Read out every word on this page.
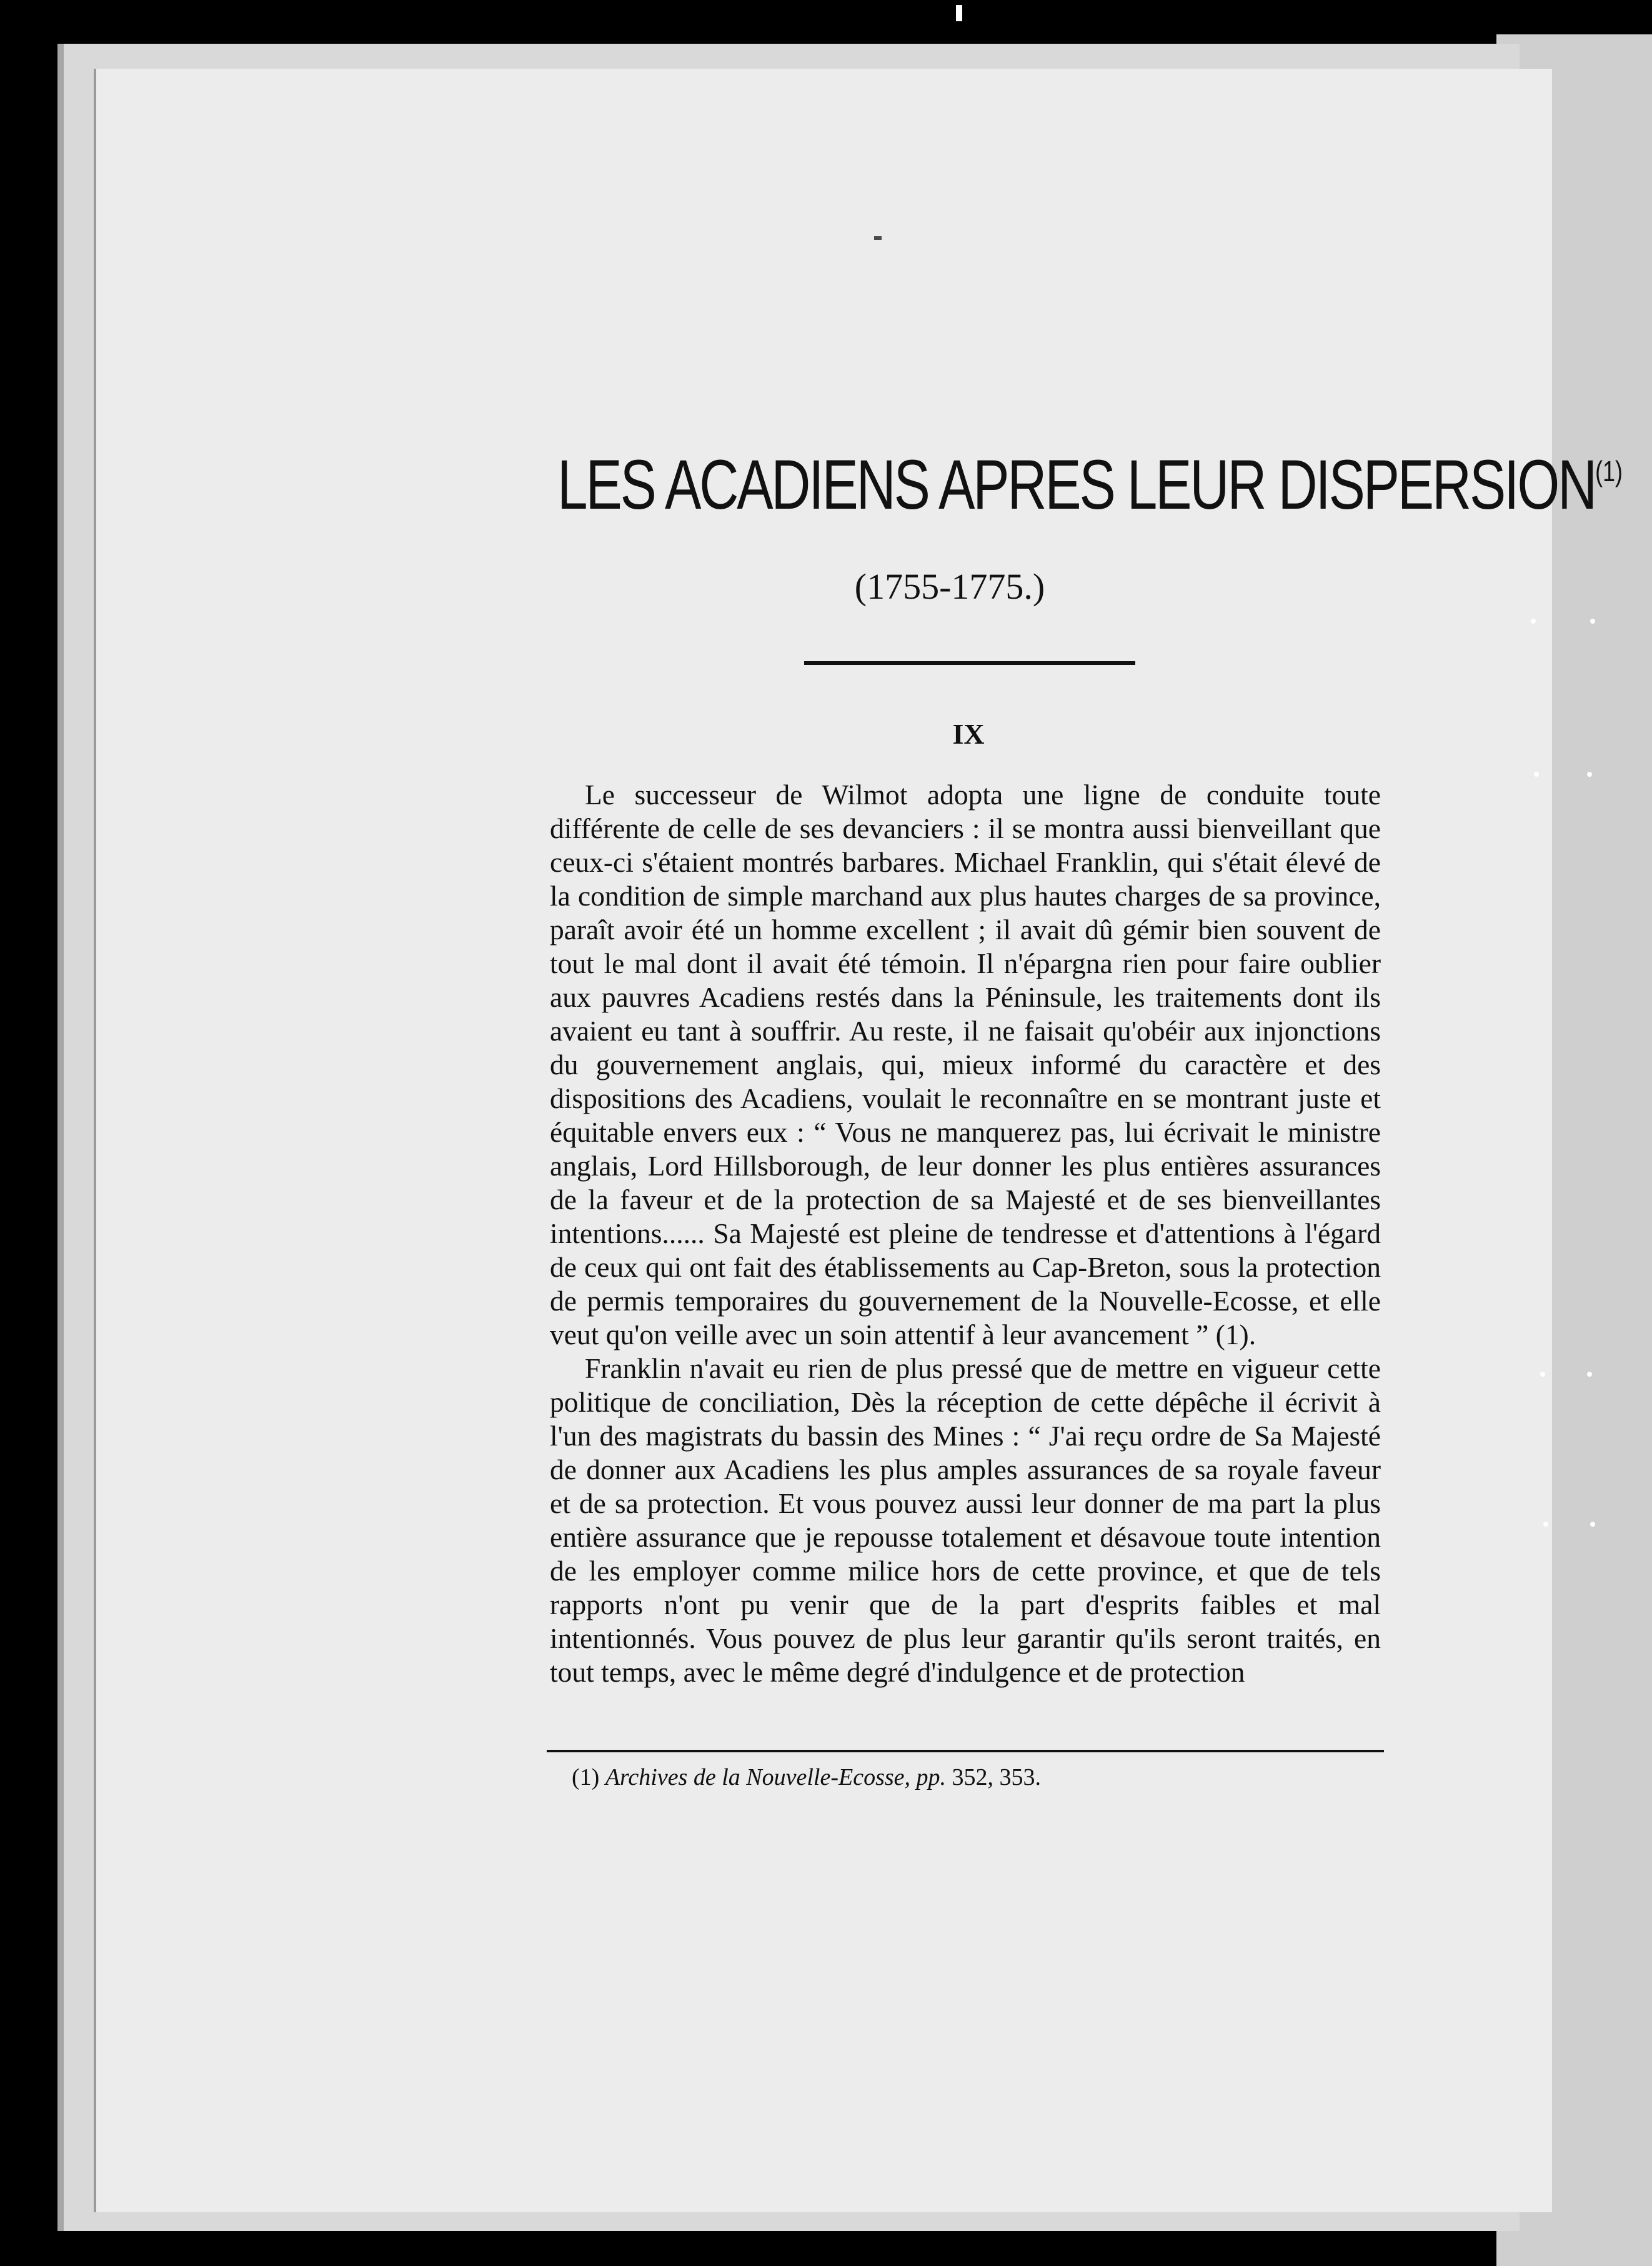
LES ACADIENS APRES LEUR DISPERSION$^{(1)}$
(1755-1775.)
IX

Le successeur de Wilmot adopta une ligne de conduite toute différente de celle de ses devanciers : il se montra aussi bienveillant que ceux-ci s'étaient montrés barbares. Michael Franklin, qui s'était élevé de la condition de simple marchand aux plus hautes charges de sa province, paraît avoir été un homme excellent ; il avait dû gémir bien souvent de tout le mal dont il avait été témoin. Il n'épargna rien pour faire oublier aux pauvres Acadiens restés dans la Péninsule, les traitements dont ils avaient eu tant à souffrir. Au reste, il ne faisait qu'obéir aux injonctions du gouvernement anglais, qui, mieux informé du caractère et des dispositions des Acadiens, voulait le reconnaître en se montrant juste et équitable envers eux : “ Vous ne manquerez pas, lui écrivait le ministre anglais, Lord Hillsborough, de leur donner les plus entières assurances de la faveur et de la protection de sa Majesté et de ses bienveillantes intentions...... Sa Majesté est pleine de tendresse et d'attentions à l'égard de ceux qui ont fait des établissements au Cap-Breton, sous la protection de permis temporaires du gouvernement de la Nouvelle-Ecosse, et elle veut qu'on veille avec un soin attentif à leur avancement ” (1).

Franklin n'avait eu rien de plus pressé que de mettre en vigueur cette politique de conciliation, Dès la réception de cette dépêche il écrivit à l'un des magistrats du bassin des Mines : “ J'ai reçu ordre de Sa Majesté de donner aux Acadiens les plus amples assurances de sa royale faveur et de sa protection. Et vous pouvez aussi leur donner de ma part la plus entière assurance que je repousse totalement et désavoue toute intention de les employer comme milice hors de cette province, et que de tels rapports n'ont pu venir que de la part d'esprits faibles et mal intentionnés. Vous pouvez de plus leur garantir qu'ils seront traités, en tout temps, avec le même degré d'indulgence et de protection

(1) Archives de la Nouvelle-Ecosse, pp. 352, 353.
